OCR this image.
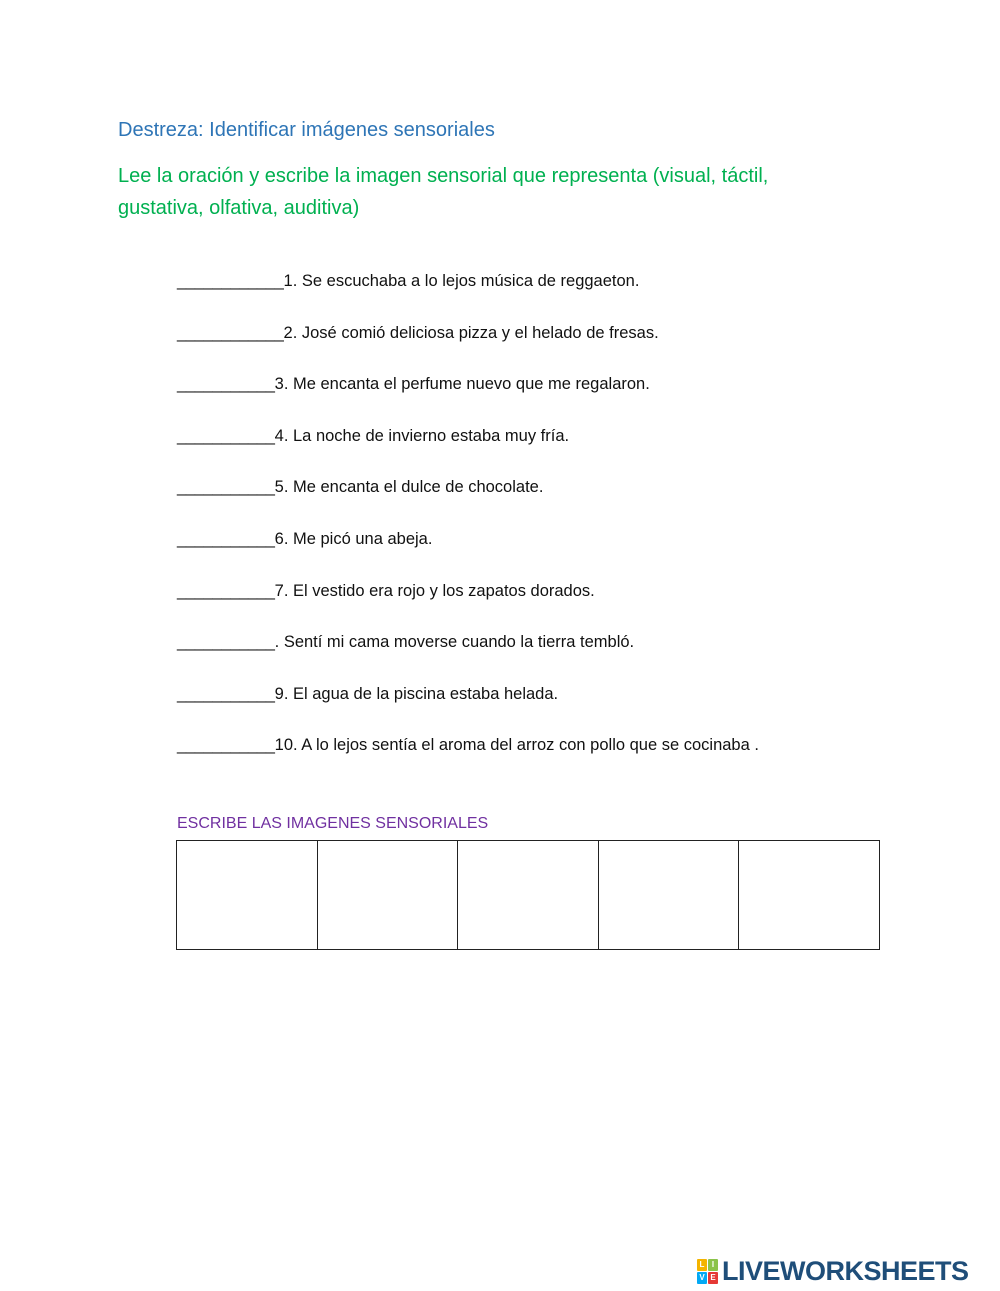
Destreza: Identificar imágenes sensoriales

Lee la oración y escribe la imagen sensorial que representa (visual, táctil, gustativa, olfativa, auditiva)

____________ 1. Se escuchaba a lo lejos música de reggaeton.
____________ 2. José comió deliciosa pizza y el helado de fresas.
___________ 3. Me encanta el perfume nuevo que me regalaron.
___________ 4. La noche de invierno estaba muy fría.
___________ 5. Me encanta el dulce de chocolate.
___________ 6. Me picó una abeja.
___________ 7. El vestido era rojo y los zapatos dorados.
___________ . Sentí mi cama moverse cuando la tierra tembló.
___________ 9. El agua de la piscina estaba helada.
___________ 10. A lo lejos sentía el aroma del arroz con pollo que se cocinaba .
ESCRIBE LAS IMAGENES SENSORIALES

L I
V E LIVEWORKSHEETS
